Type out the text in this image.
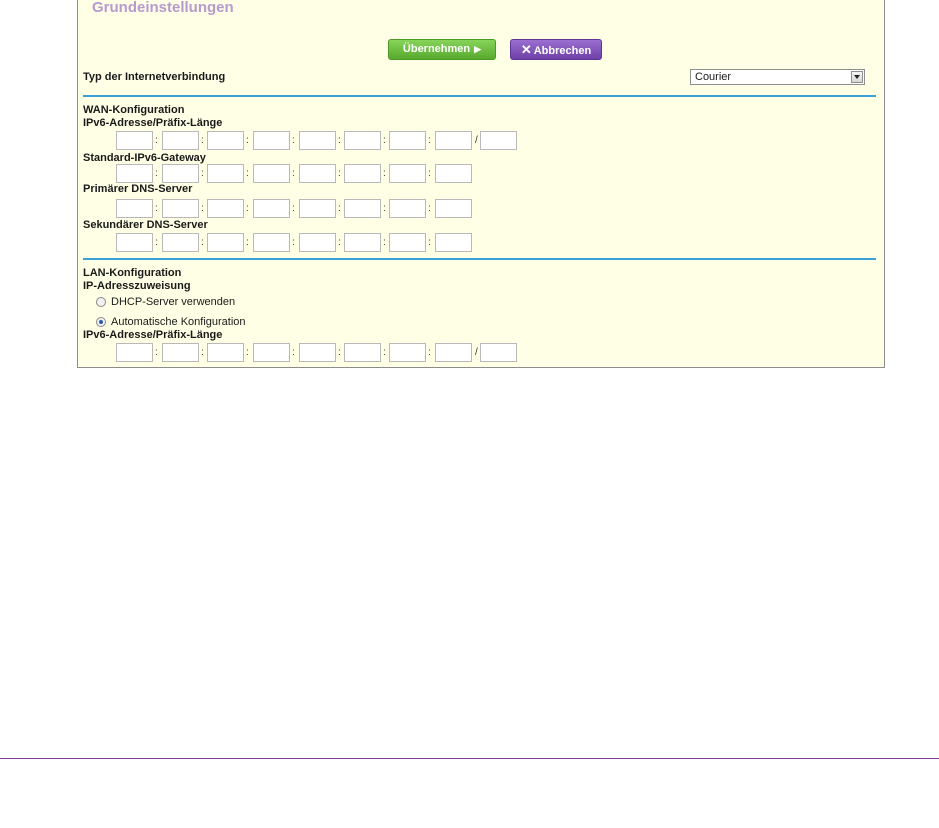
Grundeinstellungen
Übernehmen ▶	✕ Abbrechen
Typ der Internetverbindung	Courier
WAN-Konfiguration
IPv6-Adresse/Präfix-Länge
:	:	:	:	:	:	:	/
Standard-IPv6-Gateway
:	:	:	:	:	:	:
Primärer DNS-Server
:	:	:	:	:	:	:
Sekundärer DNS-Server
:	:	:	:	:	:	:
LAN-Konfiguration
IP-Adresszuweisung
DHCP-Server verwenden
Automatische Konfiguration
IPv6-Adresse/Präfix-Länge
:	:	:	:	:	:	:	/
